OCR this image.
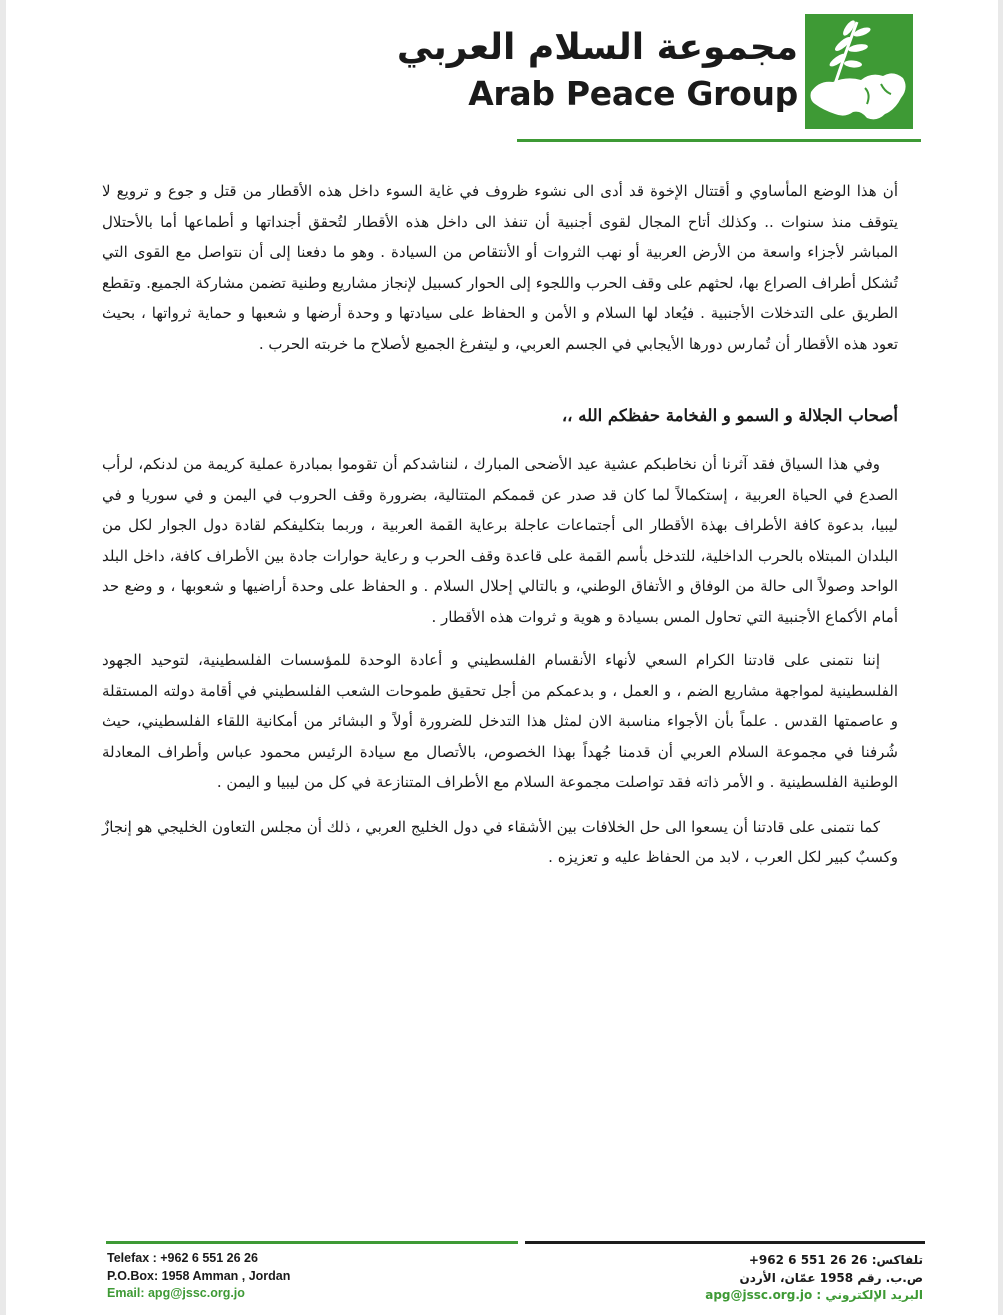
مجموعة السلام العربي
Arab Peace Group

أن هذا الوضع المأساوي و أقتتال الإخوة قد أدى الى نشوء ظروف في غاية السوء داخل هذه الأقطار من قتل و جوع و ترويع لا يتوقف منذ سنوات .. وكذلك أتاح المجال لقوى أجنبية أن تنفذ الى داخل هذه الأقطار لتُحقق أجنداتها و أطماعها أما بالأحتلال المباشر لأجزاء واسعة من الأرض العربية أو نهب الثروات أو الأنتقاص من السيادة . وهو ما دفعنا إلى أن نتواصل مع القوى التي تُشكل أطراف الصراع بها، لحثهم على وقف الحرب واللجوء إلى الحوار كسبيل لإنجاز مشاريع وطنية تضمن مشاركة الجميع. وتقطع الطريق على التدخلات الأجنبية . فيُعاد لها السلام و الأمن و الحفاظ على سيادتها و وحدة أرضها و شعبها و حماية ثرواتها ، بحيث تعود هذه الأقطار أن تُمارس دورها الأيجابي في الجسم العربي، و ليتفرغ الجميع لأصلاح ما خربته الحرب .

أصحاب الجلالة و السمو و الفخامة حفظكم الله ،،

وفي هذا السياق فقد آثرنا أن نخاطبكم عشية عيد الأضحى المبارك ، لنناشدكم أن تقوموا بمبادرة عملية كريمة من لدنكم، لرأب الصدع في الحياة العربية ، إستكمالاً لما كان قد صدر عن قممكم المتتالية، بضرورة وقف الحروب في اليمن و في سوريا و في ليبيا، بدعوة كافة الأطراف بهذة الأقطار الى أجتماعات عاجلة برعاية القمة العربية ، وربما بتكليفكم لقادة دول الجوار لكل من البلدان المبتلاه بالحرب الداخلية، للتدخل بأسم القمة على قاعدة وقف الحرب و رعاية حوارات جادة بين الأطراف كافة، داخل البلد الواحد وصولاً الى حالة من الوفاق و الأتفاق الوطني، و بالتالي إحلال السلام . و الحفاظ على وحدة أراضيها و شعوبها ، و وضع حد أمام الأكماع الأجنبية التي تحاول المس بسيادة و هوية و ثروات هذه الأقطار .

إننا نتمنى على قادتنا الكرام السعي لأنهاء الأنقسام الفلسطيني و أعادة الوحدة للمؤسسات الفلسطينية، لتوحيد الجهود الفلسطينية لمواجهة مشاريع الضم ، و العمل ، و بدعمكم من أجل تحقيق طموحات الشعب الفلسطيني في أقامة دولته المستقلة و عاصمتها القدس . علماً بأن الأجواء مناسبة الان لمثل هذا التدخل للضرورة أولاً و البشائر من أمكانية اللقاء الفلسطيني، حيث شُرفنا في مجموعة السلام العربي أن قدمنا جُهداً بهذا الخصوص، بالأتصال مع سيادة الرئيس محمود عباس وأطراف المعادلة الوطنية الفلسطينية . و الأمر ذاته فقد تواصلت مجموعة السلام مع الأطراف المتنازعة في كل من ليبيا و اليمن .

كما نتمنى على قادتنا أن يسعوا الى حل الخلافات بين الأشقاء في دول الخليج العربي ، ذلك أن مجلس التعاون الخليجي هو إنجازٌ وكسبٌ كبير لكل العرب ، لابد من الحفاظ عليه و تعزيزه .

Telefax : +962 6 551 26 26
P.O.Box: 1958 Amman , Jordan
Email: apg@jssc.org.jo
تلفاكس: 26 26 551 6 962+
ص.ب. رقم 1958 عمّان، الأردن
البريد الإلكتروني : apg@jssc.org.jo
